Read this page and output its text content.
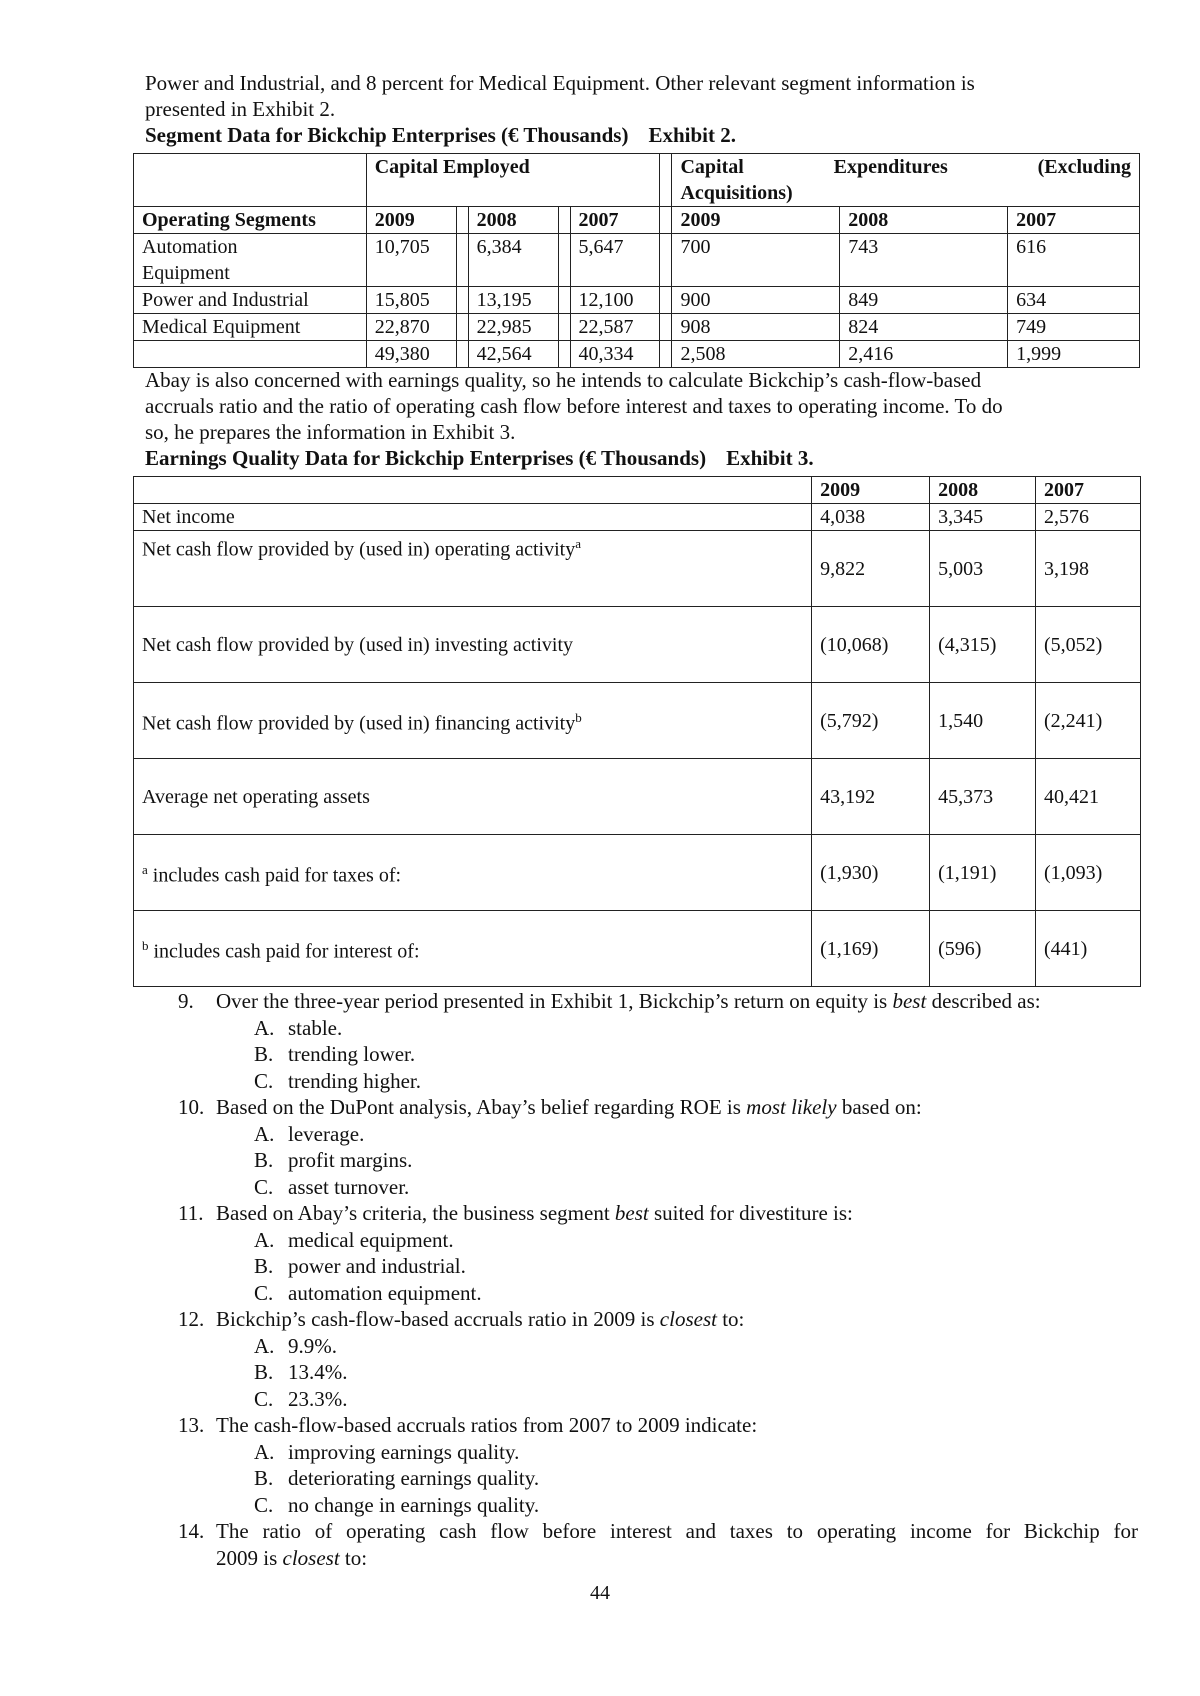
Power and Industrial, and 8 percent for Medical Equipment. Other relevant segment information is

presented in Exhibit 2.

Segment Data for Bickchip Enterprises (€ Thousands) Exhibit 2.

	Capital Employed						Capital Expenditures (Excluding
Acquisitions)		

Operating Segments	2009		2008		2007		2009	2008	2007

Automation
Equipment	10,705		6,384		5,647		700	743	616
Power and Industrial	15,805		13,195		12,100		900	849	634
Medical Equipment	22,870		22,985		22,587		908	824	749
	49,380		42,564		40,334		2,508	2,416	1,999

Abay is also concerned with earnings quality, so he intends to calculate Bickchip’s cash-flow-based

accruals ratio and the ratio of operating cash flow before interest and taxes to operating income. To do

so, he prepares the information in Exhibit 3.

Earnings Quality Data for Bickchip Enterprises (€ Thousands) Exhibit 3.

	2009	2008	2007
Net income	4,038	3,345	2,576
Net cash flow provided by (used in) operating activity$^a$	9,822	5,003	3,198
Net cash flow provided by (used in) investing activity	(10,068)	(4,315)	(5,052)
Net cash flow provided by (used in) financing activity$^b$	(5,792)	1,540	(2,241)
Average net operating assets	43,192	45,373	40,421
$^a$ includes cash paid for taxes of:	(1,930)	(1,191)	(1,093)
$^b$ includes cash paid for interest of:	(1,169)	(596)	(441)
9.	Over the three-year period presented in Exhibit 1, Bickchip’s return on equity is best described as:
A. stable.
B. trending lower.
C. trending higher.
10. Based on the DuPont analysis, Abay’s belief regarding ROE is most likely based on:
A. leverage.
B. profit margins.
C. asset turnover.
11. Based on Abay’s criteria, the business segment best suited for divestiture is:
A. medical equipment.
B. power and industrial.
C. automation equipment.
12. Bickchip’s cash-flow-based accruals ratio in 2009 is closest to:
A. 9.9%.
B. 13.4%.
C. 23.3%.
13. The cash-flow-based accruals ratios from 2007 to 2009 indicate:
A. improving earnings quality.
B. deteriorating earnings quality.
C. no change in earnings quality.
14. The ratio of operating cash flow before interest and taxes to operating income for Bickchip for
2009 is closest to:
44
